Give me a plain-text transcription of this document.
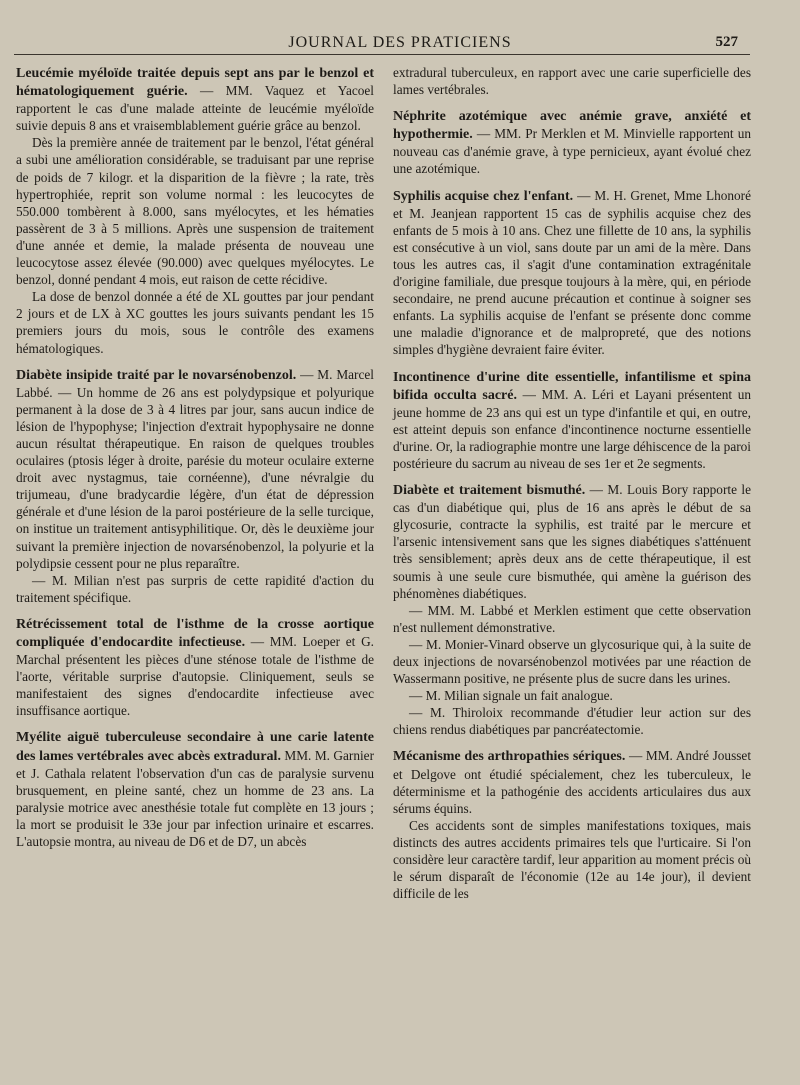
JOURNAL DES PRATICIENS	527

Leucémie myéloïde traitée depuis sept ans par le benzol et hématologiquement guérie. — MM. Vaquez et Yacoel rapportent le cas d'une malade atteinte de leucémie myéloïde suivie depuis 8 ans et vraisemblablement guérie grâce au benzol.

Dès la première année de traitement par le benzol, l'état général a subi une amélioration considérable, se traduisant par une reprise de poids de 7 kilogr. et la disparition de la fièvre ; la rate, très hypertrophiée, reprit son volume normal : les leucocytes de 550.000 tombèrent à 8.000, sans myélocytes, et les hématies passèrent de 3 à 5 millions. Après une suspension de traitement d'une année et demie, la malade présenta de nouveau une leucocytose assez élevée (90.000) avec quelques myélocytes. Le benzol, donné pendant 4 mois, eut raison de cette récidive.

La dose de benzol donnée a été de XL gouttes par jour pendant 2 jours et de LX à XC gouttes les jours suivants pendant les 15 premiers jours du mois, sous le contrôle des examens hématologiques.

Diabète insipide traité par le novarsénobenzol. — M. Marcel Labbé. — Un homme de 26 ans est polydypsique et polyurique permanent à la dose de 3 à 4 litres par jour, sans aucun indice de lésion de l'hypophyse; l'injection d'extrait hypophysaire ne donne aucun résultat thérapeutique. En raison de quelques troubles oculaires (ptosis léger à droite, parésie du moteur oculaire externe droit avec nystagmus, taie cornéenne), d'une névralgie du trijumeau, d'une bradycardie légère, d'un état de dépression générale et d'une lésion de la paroi postérieure de la selle turcique, on institue un traitement antisyphilitique. Or, dès le deuxième jour suivant la première injection de novarsénobenzol, la polyurie et la polydipsie cessent pour ne plus reparaître.

— M. Milian n'est pas surpris de cette rapidité d'action du traitement spécifique.

Rétrécissement total de l'isthme de la crosse aortique compliquée d'endocardite infectieuse. — MM. Loeper et G. Marchal présentent les pièces d'une sténose totale de l'isthme de l'aorte, véritable surprise d'autopsie. Cliniquement, seuls se manifestaient des signes d'endocardite infectieuse avec insuffisance aortique.

Myélite aiguë tuberculeuse secondaire à une carie latente des lames vertébrales avec abcès extradural. MM. M. Garnier et J. Cathala relatent l'observation d'un cas de paralysie survenu brusquement, en pleine santé, chez un homme de 23 ans. La paralysie motrice avec anesthésie totale fut complète en 13 jours ; la mort se produisit le 33e jour par infection urinaire et escarres. L'autopsie montra, au niveau de D6 et de D7, un abcès

extradural tuberculeux, en rapport avec une carie superficielle des lames vertébrales.

Néphrite azotémique avec anémie grave, anxiété et hypothermie. — MM. Pr Merklen et M. Minvielle rapportent un nouveau cas d'anémie grave, à type pernicieux, ayant évolué chez une azotémique.

Syphilis acquise chez l'enfant. — M. H. Grenet, Mme Lhonoré et M. Jeanjean rapportent 15 cas de syphilis acquise chez des enfants de 5 mois à 10 ans. Chez une fillette de 10 ans, la syphilis est consécutive à un viol, sans doute par un ami de la mère. Dans tous les autres cas, il s'agit d'une contamination extragénitale d'origine familiale, due presque toujours à la mère, qui, en période secondaire, ne prend aucune précaution et continue à soigner ses enfants. La syphilis acquise de l'enfant se présente donc comme une maladie d'ignorance et de malpropreté, que des notions simples d'hygiène devraient faire éviter.

Incontinence d'urine dite essentielle, infantilisme et spina bifida occulta sacré. — MM. A. Léri et Layani présentent un jeune homme de 23 ans qui est un type d'infantile et qui, en outre, est atteint depuis son enfance d'incontinence nocturne essentielle d'urine. Or, la radiographie montre une large déhiscence de la paroi postérieure du sacrum au niveau de ses 1er et 2e segments.

Diabète et traitement bismuthé. — M. Louis Bory rapporte le cas d'un diabétique qui, plus de 16 ans après le début de sa glycosurie, contracte la syphilis, est traité par le mercure et l'arsenic intensivement sans que les signes diabétiques s'atténuent très sensiblement; après deux ans de cette thérapeutique, il est soumis à une seule cure bismuthée, qui amène la guérison des phénomènes diabétiques.

— MM. M. Labbé et Merklen estiment que cette observation n'est nullement démonstrative.

— M. Monier-Vinard observe un glycosurique qui, à la suite de deux injections de novarsénobenzol motivées par une réaction de Wassermann positive, ne présente plus de sucre dans les urines.

— M. Milian signale un fait analogue.

— M. Thiroloix recommande d'étudier leur action sur des chiens rendus diabétiques par pancréatectomie.

Mécanisme des arthropathies sériques. — MM. André Jousset et Delgove ont étudié spécialement, chez les tuberculeux, le déterminisme et la pathogénie des accidents articulaires dus aux sérums équins.

Ces accidents sont de simples manifestations toxiques, mais distincts des autres accidents primaires tels que l'urticaire. Si l'on considère leur caractère tardif, leur apparition au moment précis où le sérum disparaît de l'économie (12e au 14e jour), il devient difficile de les
